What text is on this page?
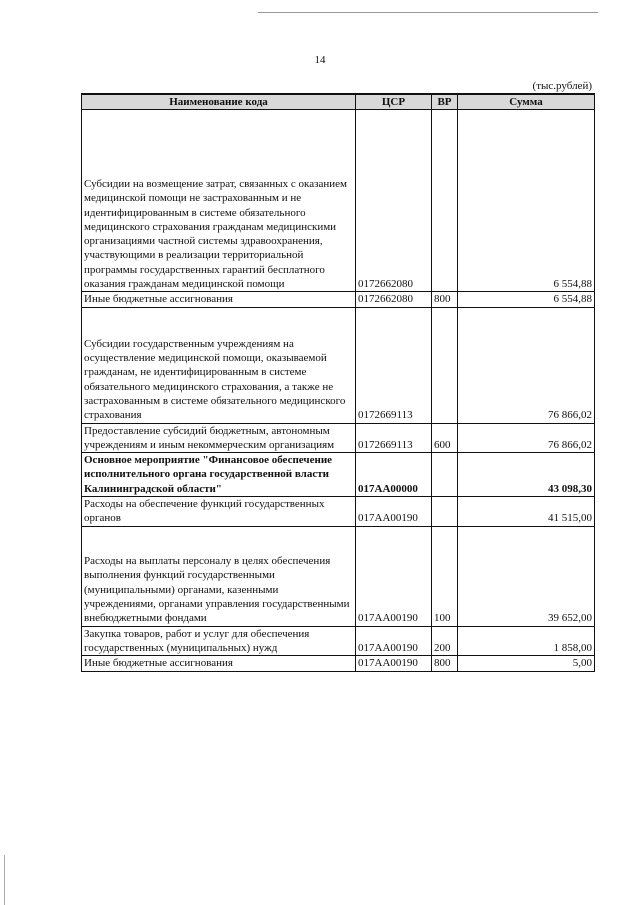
14
(тыс.рублей)
Наименование кода	ЦСР	ВР	Сумма

Субсидии на возмещение затрат, связанных с оказанием медицинской помощи не застрахованным и не идентифицированным в системе обязательного медицинского страхования гражданам медицинскими организациями частной системы здравоохранения, участвующими в реализации территориальной программы государственных гарантий бесплатного оказания гражданам медицинской помощи	0172662080		6 554,88
Иные бюджетные ассигнования	0172662080	800	6 554,88

Субсидии государственным учреждениям на осуществление медицинской помощи, оказываемой гражданам, не идентифицированным в системе обязательного медицинского страхования, а также не застрахованным в системе обязательного медицинского страхования	0172669113		76 866,02
Предоставление субсидий бюджетным, автономным учреждениям и иным некоммерческим организациям	0172669113	600	76 866,02
Основное мероприятие "Финансовое обеспечение исполнительного органа государственной власти Калининградской области"	017АА00000		43 098,30
Расходы на обеспечение функций государственных органов	017АА00190		41 515,00

Расходы на выплаты персоналу в целях обеспечения выполнения функций государственными (муниципальными) органами, казенными учреждениями, органами управления государственными внебюджетными фондами	017АА00190	100	39 652,00
Закупка товаров, работ и услуг для обеспечения государственных (муниципальных) нужд	017АА00190	200	1 858,00
Иные бюджетные ассигнования	017АА00190	800	5,00
